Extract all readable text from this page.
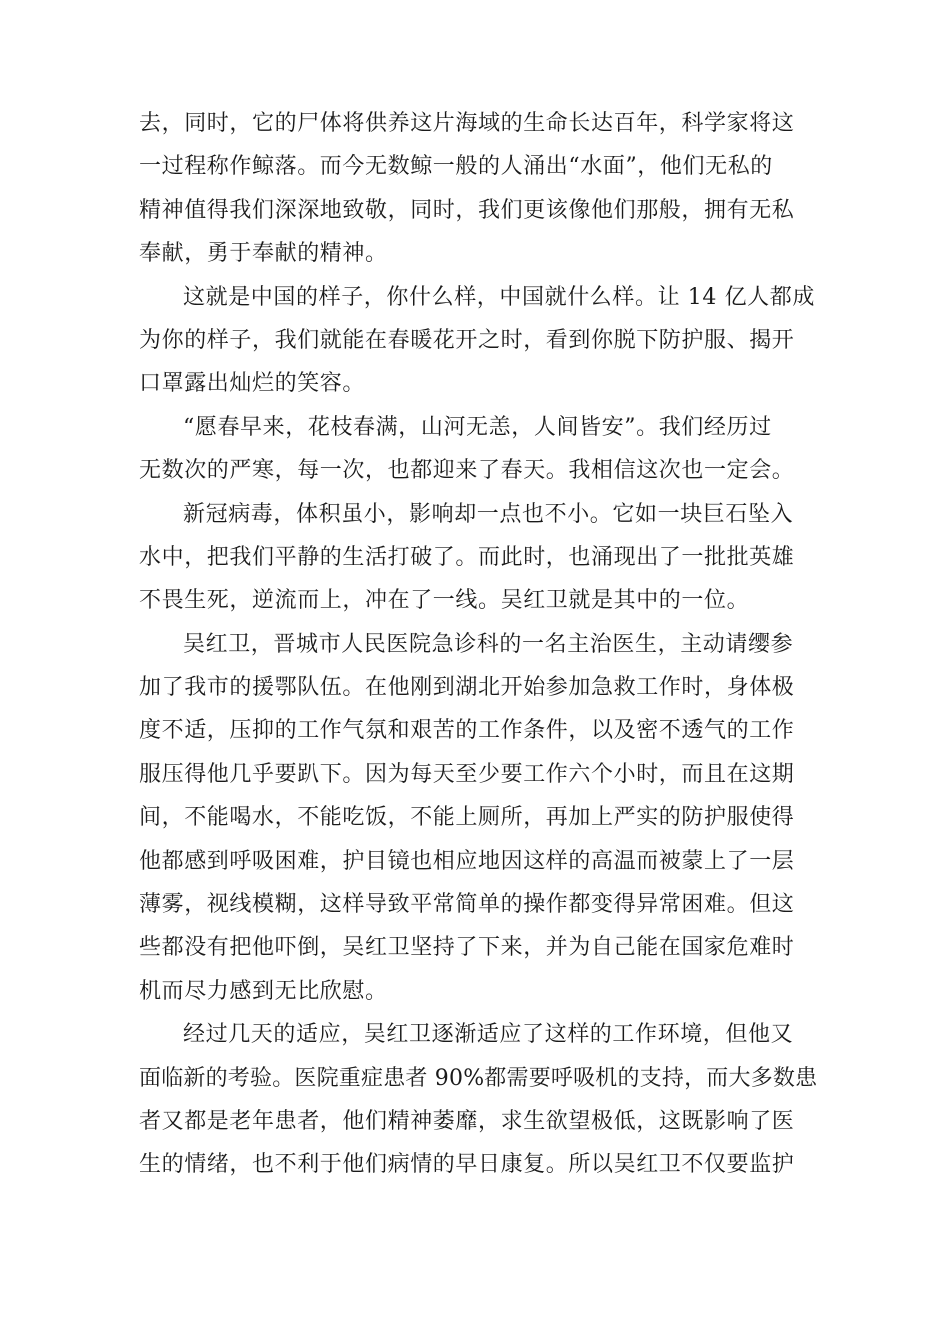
去，同时，它的尸体将供养这片海域的生命长达百年，科学家将这
一过程称作鲸落。而今无数鲸一般的人涌出“水面”，他们无私的
精神值得我们深深地致敬，同时，我们更该像他们那般，拥有无私
奉献，勇于奉献的精神。
这就是中国的样子，你什么样，中国就什么样。让 14 亿人都成
为你的样子，我们就能在春暖花开之时，看到你脱下防护服、揭开
口罩露出灿烂的笑容。
“愿春早来，花枝春满，山河无恙，人间皆安”。我们经历过
无数次的严寒，每一次，也都迎来了春天。我相信这次也一定会。
新冠病毒，体积虽小，影响却一点也不小。它如一块巨石坠入
水中，把我们平静的生活打破了。而此时，也涌现出了一批批英雄
不畏生死，逆流而上，冲在了一线。吴红卫就是其中的一位。
吴红卫，晋城市人民医院急诊科的一名主治医生，主动请缨参
加了我市的援鄂队伍。在他刚到湖北开始参加急救工作时，身体极
度不适，压抑的工作气氛和艰苦的工作条件，以及密不透气的工作
服压得他几乎要趴下。因为每天至少要工作六个小时，而且在这期
间，不能喝水，不能吃饭，不能上厕所，再加上严实的防护服使得
他都感到呼吸困难，护目镜也相应地因这样的高温而被蒙上了一层
薄雾，视线模糊，这样导致平常简单的操作都变得异常困难。但这
些都没有把他吓倒，吴红卫坚持了下来，并为自己能在国家危难时
机而尽力感到无比欣慰。
经过几天的适应，吴红卫逐渐适应了这样的工作环境，但他又
面临新的考验。医院重症患者 90%都需要呼吸机的支持，而大多数患
者又都是老年患者，他们精神萎靡，求生欲望极低，这既影响了医
生的情绪，也不利于他们病情的早日康复。所以吴红卫不仅要监护
